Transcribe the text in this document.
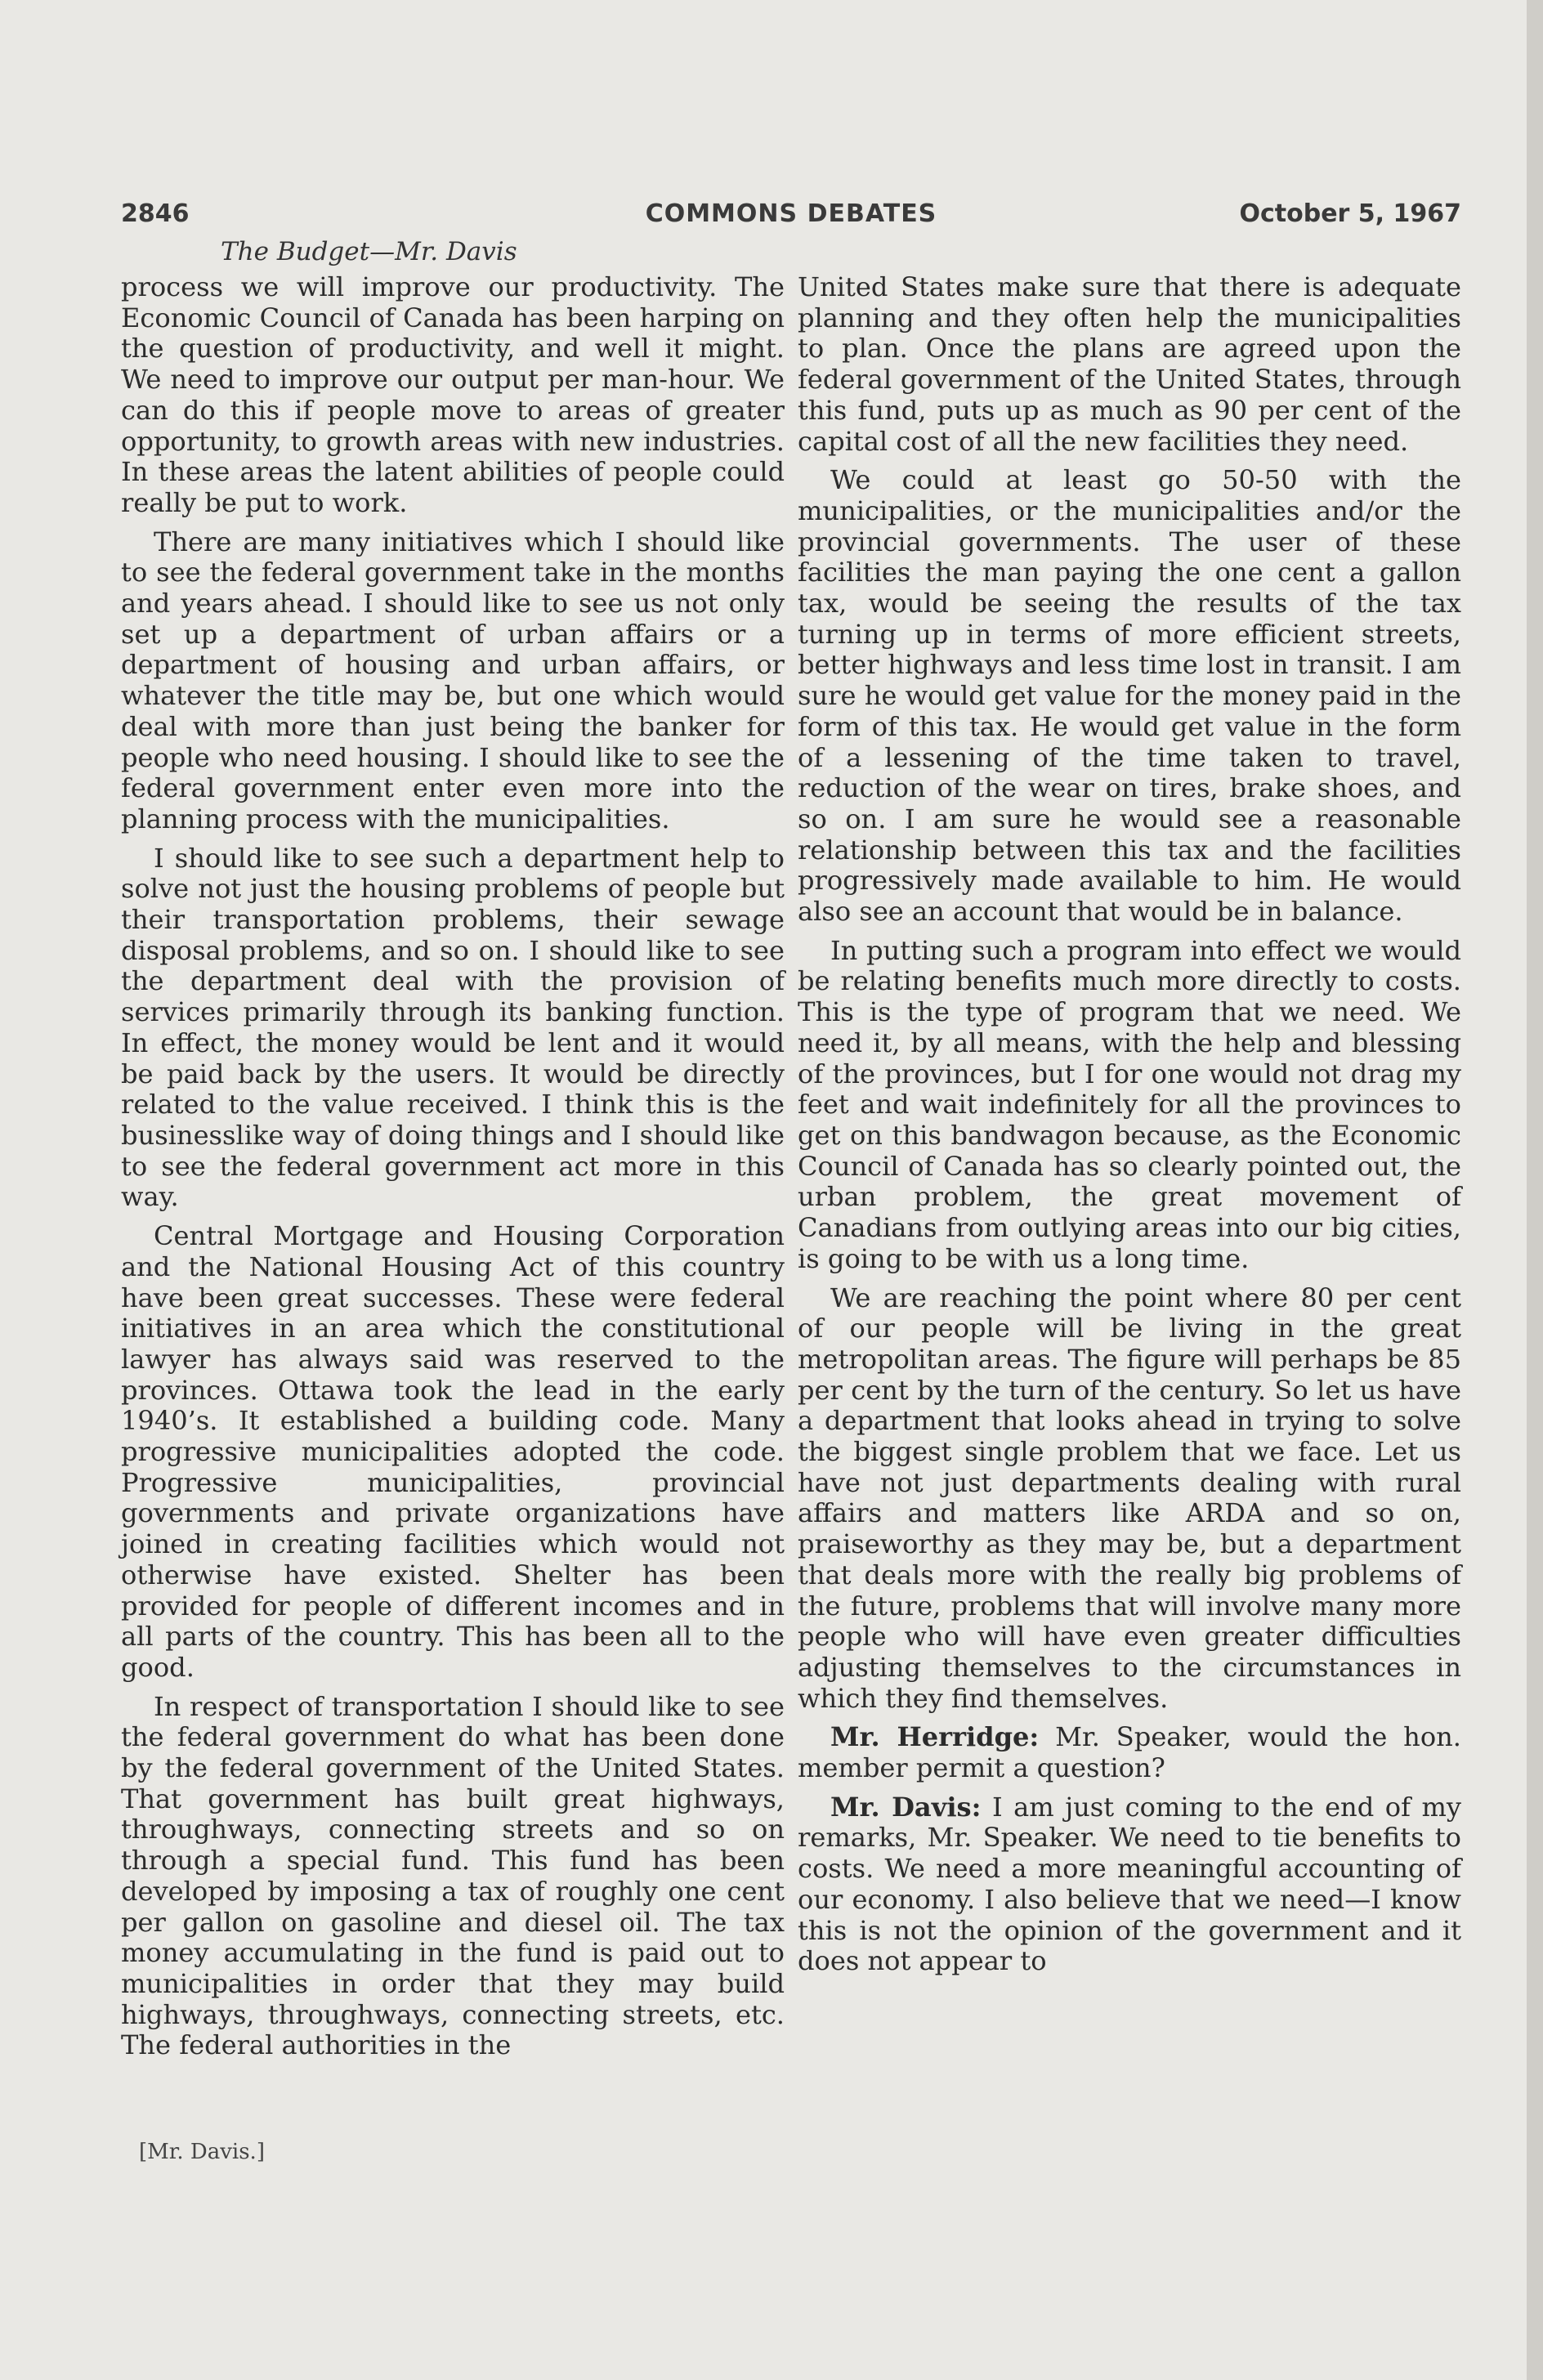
2846	COMMONS DEBATES	October 5, 1967
The Budget—Mr. Davis

process we will improve our productivity. The Economic Council of Canada has been harping on the question of productivity, and well it might. We need to improve our output per man-hour. We can do this if people move to areas of greater opportunity, to growth areas with new industries. In these areas the latent abilities of people could really be put to work.

There are many initiatives which I should like to see the federal government take in the months and years ahead. I should like to see us not only set up a department of urban affairs or a department of housing and urban affairs, or whatever the title may be, but one which would deal with more than just being the banker for people who need housing. I should like to see the federal government enter even more into the planning process with the municipalities.

I should like to see such a department help to solve not just the housing problems of people but their transportation problems, their sewage disposal problems, and so on. I should like to see the department deal with the provision of services primarily through its banking function. In effect, the money would be lent and it would be paid back by the users. It would be directly related to the value received. I think this is the businesslike way of doing things and I should like to see the federal government act more in this way.

Central Mortgage and Housing Corporation and the National Housing Act of this country have been great successes. These were federal initiatives in an area which the constitutional lawyer has always said was reserved to the provinces. Ottawa took the lead in the early 1940’s. It established a building code. Many progressive municipalities adopted the code. Progressive municipalities, provincial governments and private organizations have joined in creating facilities which would not otherwise have existed. Shelter has been provided for people of different incomes and in all parts of the country. This has been all to the good.

In respect of transportation I should like to see the federal government do what has been done by the federal government of the United States. That government has built great highways, throughways, connecting streets and so on through a special fund. This fund has been developed by imposing a tax of roughly one cent per gallon on gasoline and diesel oil. The tax money accumulating in the fund is paid out to municipalities in order that they may build highways, throughways, connecting streets, etc. The federal authorities in the

United States make sure that there is adequate planning and they often help the municipalities to plan. Once the plans are agreed upon the federal government of the United States, through this fund, puts up as much as 90 per cent of the capital cost of all the new facilities they need.

We could at least go 50-50 with the municipalities, or the municipalities and/or the provincial governments. The user of these facilities the man paying the one cent a gallon tax, would be seeing the results of the tax turning up in terms of more efficient streets, better highways and less time lost in transit. I am sure he would get value for the money paid in the form of this tax. He would get value in the form of a lessening of the time taken to travel, reduction of the wear on tires, brake shoes, and so on. I am sure he would see a reasonable relationship between this tax and the facilities progressively made available to him. He would also see an account that would be in balance.

In putting such a program into effect we would be relating benefits much more directly to costs. This is the type of program that we need. We need it, by all means, with the help and blessing of the provinces, but I for one would not drag my feet and wait indefinitely for all the provinces to get on this bandwagon because, as the Economic Council of Canada has so clearly pointed out, the urban problem, the great movement of Canadians from outlying areas into our big cities, is going to be with us a long time.

We are reaching the point where 80 per cent of our people will be living in the great metropolitan areas. The figure will perhaps be 85 per cent by the turn of the century. So let us have a department that looks ahead in trying to solve the biggest single problem that we face. Let us have not just departments dealing with rural affairs and matters like ARDA and so on, praiseworthy as they may be, but a department that deals more with the really big problems of the future, problems that will involve many more people who will have even greater difficulties adjusting themselves to the circumstances in which they find themselves.

Mr. Herridge: Mr. Speaker, would the hon. member permit a question?

Mr. Davis: I am just coming to the end of my remarks, Mr. Speaker. We need to tie benefits to costs. We need a more meaningful accounting of our economy. I also believe that we need—I know this is not the opinion of the government and it does not appear to

[Mr. Davis.]
